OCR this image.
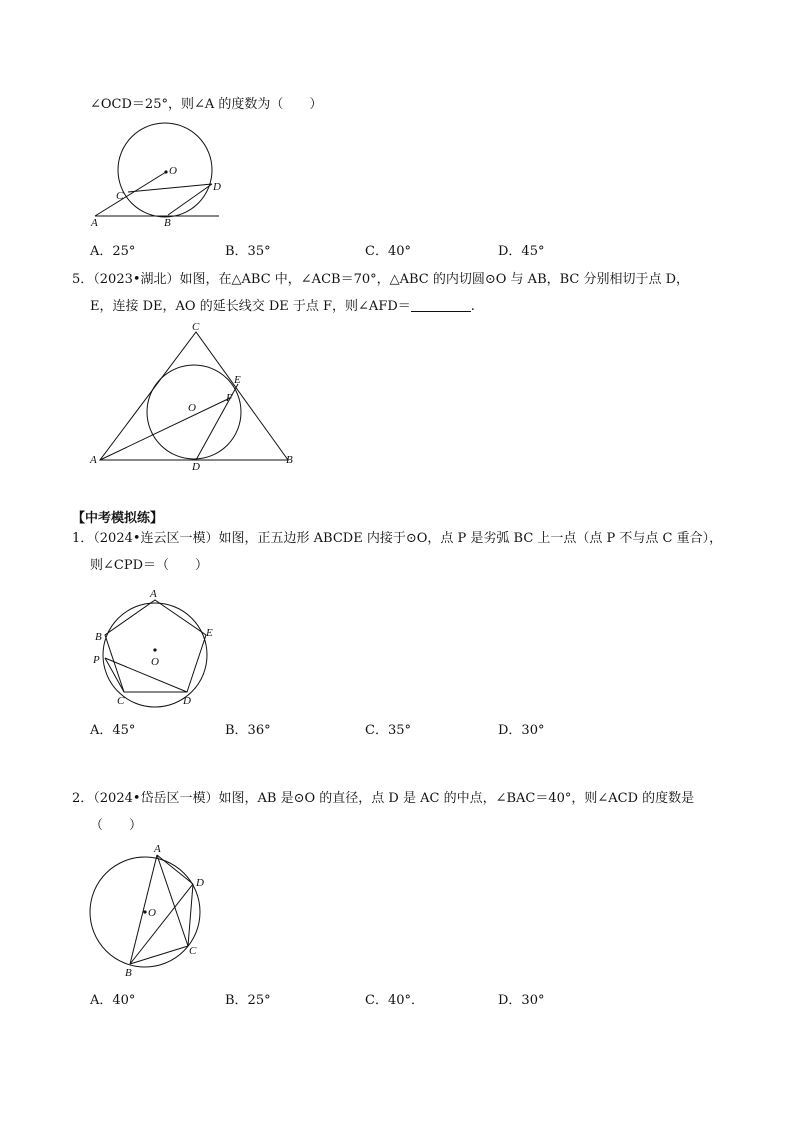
∠OCD＝25°，则∠A 的度数为（　　）
O
C
D
A	B
A．25°	B．35°	C．40°	D．45°
5．（2023•湖北）如图，在△ABC 中，∠ACB＝70°，△ABC 的内切圆⊙O 与 AB，BC 分别相切于点 D，
E，连接 DE，AO 的延长线交 DE 于点 F，则∠AFD＝	.
C
E
F
O
A
D
B
【中考模拟练】
1．（2024•连云区一模）如图，正五边形 ABCDE 内接于⊙O，点 P 是劣弧 BC 上一点（点 P 不与点 C 重合），
则∠CPD＝（　　）
A
B	E
P	O
C	D
A．45°	B．36°	C．35°	D．30°
2．（2024•岱岳区一模）如图，AB 是⊙O 的直径，点 D 是 AC 的中点，∠BAC＝40°，则∠ACD 的度数是
（　　）
A
D
O
C
B
A．40°	B．25°	C．40°．	D．30°
